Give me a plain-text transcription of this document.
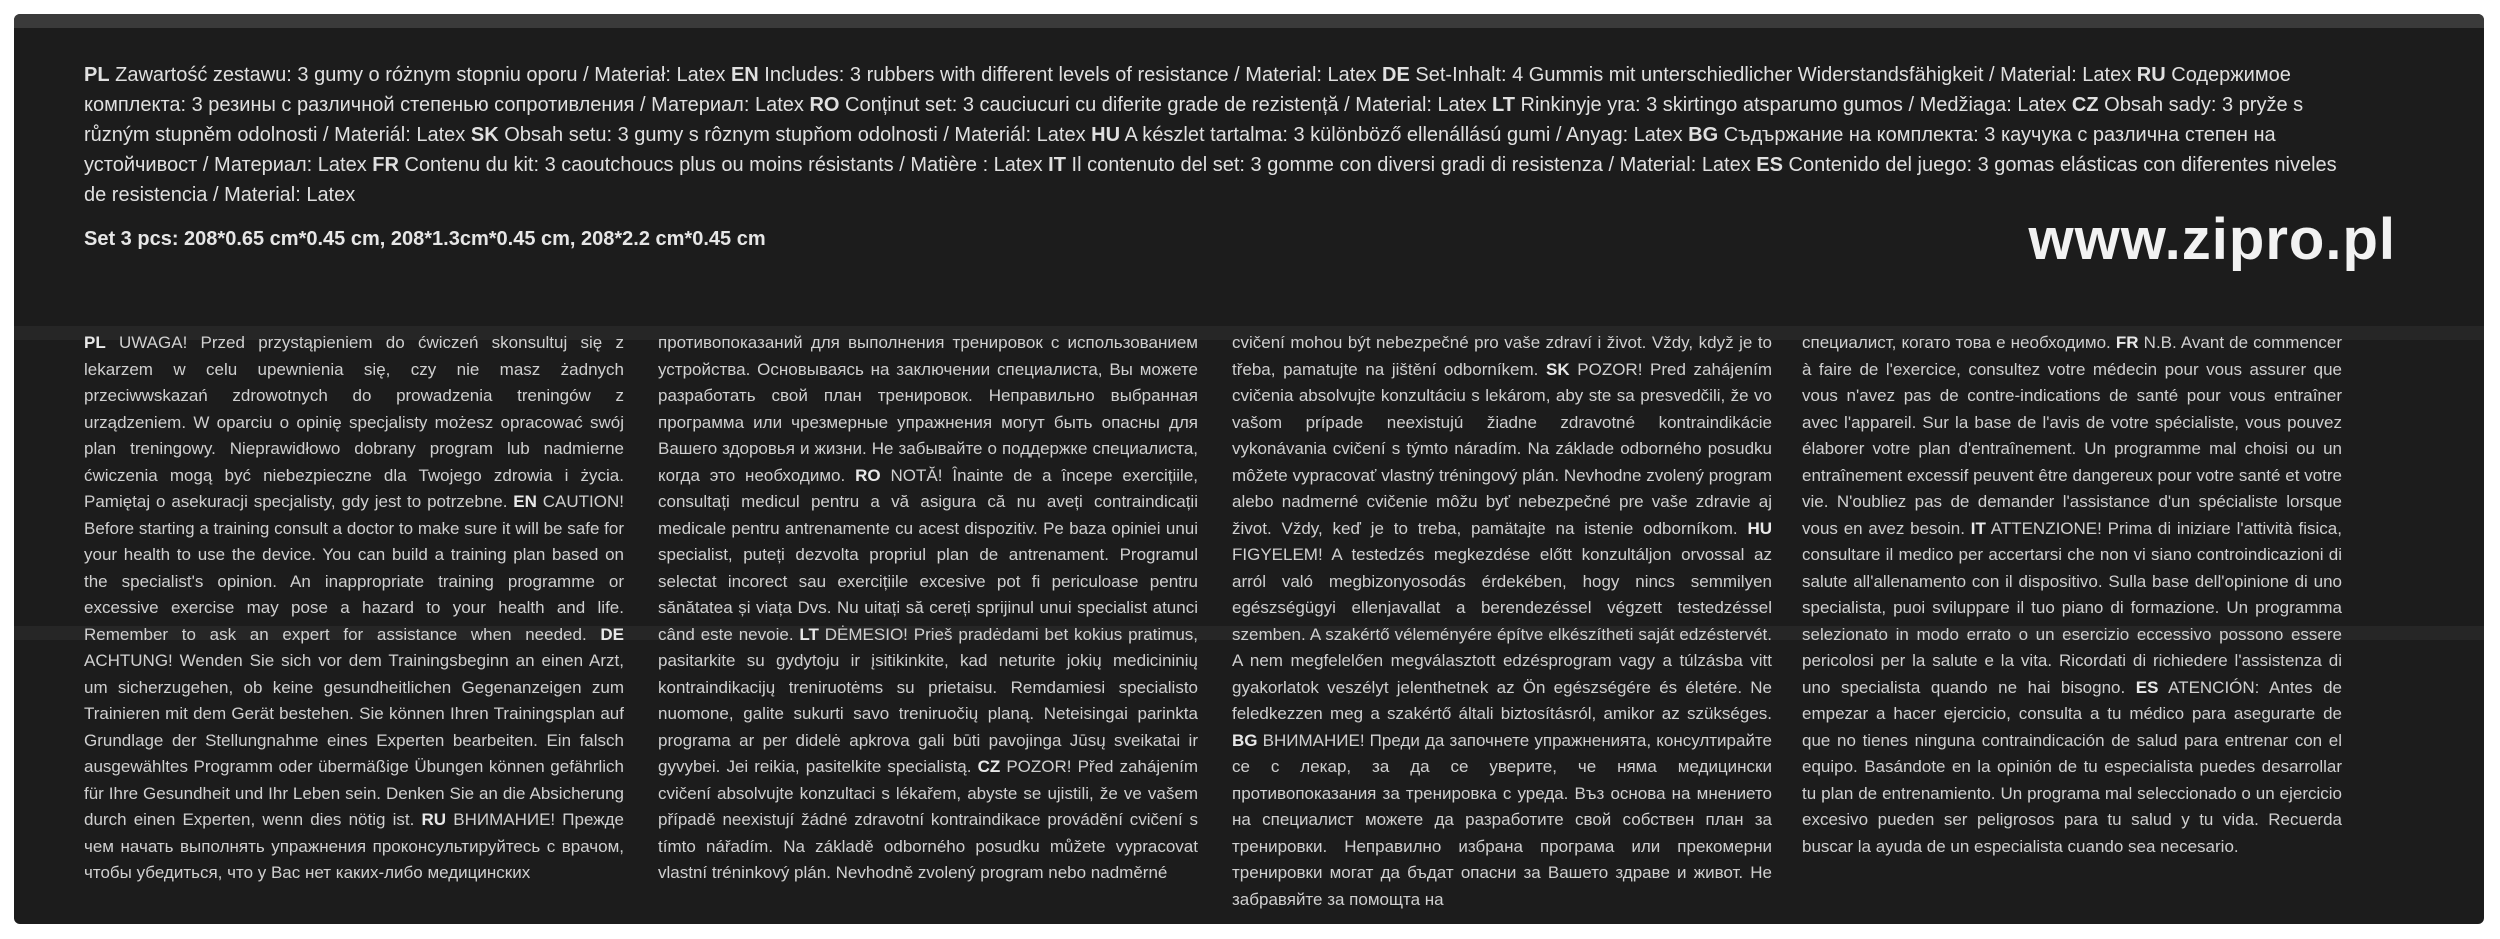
PL Zawartość zestawu: 3 gumy o różnym stopniu oporu / Materiał: Latex EN Includes: 3 rubbers with different levels of resistance / Material: Latex DE Set-Inhalt: 4 Gummis mit unterschiedlicher Widerstandsfähigkeit / Material: Latex RU Содержимое комплекта: 3 резины с различной степенью сопротивления / Материал: Latex RO Conținut set: 3 cauciucuri cu diferite grade de rezistență / Material: Latex LT Rinkinyje yra: 3 skirtingo atsparumo gumos / Medžiaga: Latex CZ Obsah sady: 3 pryže s různým stupněm odolnosti / Materiál: Latex SK Obsah setu: 3 gumy s rôznym stupňom odolnosti / Materiál: Latex HU A készlet tartalma: 3 különböző ellenállású gumi / Anyag: Latex BG Съдържание на комплекта: 3 каучука с различна степен на устойчивост / Материал: Latex FR Contenu du kit: 3 caoutchoucs plus ou moins résistants / Matière : Latex IT Il contenuto del set: 3 gomme con diversi gradi di resistenza / Material: Latex ES Contenido del juego: 3 gomas elásticas con diferentes niveles de resistencia / Material: Latex
Set 3 pcs: 208*0.65 cm*0.45 cm, 208*1.3cm*0.45 cm, 208*2.2 cm*0.45 cm	www.zipro.pl
PL UWAGA! Przed przystąpieniem do ćwiczeń skonsultuj się z lekarzem w celu upewnienia się, czy nie masz żadnych przeciwwskazań zdrowotnych do prowadzenia treningów z urządzeniem. W oparciu o opinię specjalisty możesz opracować swój plan treningowy. Nieprawidłowo dobrany program lub nadmierne ćwiczenia mogą być niebezpieczne dla Twojego zdrowia i życia. Pamiętaj o asekuracji specjalisty, gdy jest to potrzebne. EN CAUTION! Before starting a training consult a doctor to make sure it will be safe for your health to use the device. You can build a training plan based on the specialist's opinion. An inappropriate training programme or excessive exercise may pose a hazard to your health and life. Remember to ask an expert for assistance when needed. DE ACHTUNG! Wenden Sie sich vor dem Trainingsbeginn an einen Arzt, um sicherzugehen, ob keine gesundheitlichen Gegenanzeigen zum Trainieren mit dem Gerät bestehen. Sie können Ihren Trainingsplan auf Grundlage der Stellungnahme eines Experten bearbeiten. Ein falsch ausgewähltes Programm oder übermäßige Übungen können gefährlich für Ihre Gesundheit und Ihr Leben sein. Denken Sie an die Absicherung durch einen Experten, wenn dies nötig ist. RU ВНИМАНИЕ! Прежде чем начать выполнять упражнения проконсультируйтесь с врачом, чтобы убедиться, что у Вас нет каких-либо медицинских
противопоказаний для выполнения тренировок с использованием устройства. Основываясь на заключении специалиста, Вы можете разработать свой план тренировок. Неправильно выбранная программа или чрезмерные упражнения могут быть опасны для Вашего здоровья и жизни. Не забывайте о поддержке специалиста, когда это необходимо. RO NOTĂ! Înainte de a începe exercițiile, consultați medicul pentru a vă asigura că nu aveți contraindicații medicale pentru antrenamente cu acest dispozitiv. Pe baza opiniei unui specialist, puteți dezvolta propriul plan de antrenament. Programul selectat incorect sau exercițiile excesive pot fi periculoase pentru sănătatea și viața Dvs. Nu uitați să cereți sprijinul unui specialist atunci când este nevoie. LT DĖMESIO! Prieš pradėdami bet kokius pratimus, pasitarkite su gydytoju ir įsitikinkite, kad neturite jokių medicininių kontraindikacijų treniruotėms su prietaisu. Remdamiesi specialisto nuomone, galite sukurti savo treniruočių planą. Neteisingai parinkta programa ar per didelė apkrova gali būti pavojinga Jūsų sveikatai ir gyvybei. Jei reikia, pasitelkite specialistą. CZ POZOR! Před zahájením cvičení absolvujte konzultaci s lékařem, abyste se ujistili, že ve vašem případě neexistují žádné zdravotní kontraindikace provádění cvičení s tímto nářadím. Na základě odborného posudku můžete vypracovat vlastní tréninkový plán. Nevhodně zvolený program nebo nadměrné
cvičení mohou být nebezpečné pro vaše zdraví i život. Vždy, když je to třeba, pamatujte na jištění odborníkem. SK POZOR! Pred zahájením cvičenia absolvujte konzultáciu s lekárom, aby ste sa presvedčili, že vo vašom prípade neexistujú žiadne zdravotné kontraindikácie vykonávania cvičení s týmto náradím. Na základe odborného posudku môžete vypracovať vlastný tréningový plán. Nevhodne zvolený program alebo nadmerné cvičenie môžu byť nebezpečné pre vaše zdravie aj život. Vždy, keď je to treba, pamätajte na istenie odborníkom. HU FIGYELEM! A testedzés megkezdése előtt konzultáljon orvossal az arról való megbizonyosodás érdekében, hogy nincs semmilyen egészségügyi ellenjavallat a berendezéssel végzett testedzéssel szemben. A szakértő véleményére építve elkészítheti saját edzéstervét. A nem megfelelően megválasztott edzésprogram vagy a túlzásba vitt gyakorlatok veszélyt jelenthetnek az Ön egészségére és életére. Ne feledkezzen meg a szakértő általi biztosításról, amikor az szükséges. BG ВНИМАНИЕ! Преди да започнете упражненията, консултирайте се с лекар, за да се уверите, че няма медицински противопоказания за тренировка с уреда. Въз основа на мнението на специалист можете да разработите свой собствен план за тренировки. Неправилно избрана програма или прекомерни тренировки могат да бъдат опасни за Вашето здраве и живот. Не забравяйте за помощта на
специалист, когато това е необходимо. FR N.B. Avant de commencer à faire de l'exercice, consultez votre médecin pour vous assurer que vous n'avez pas de contre-indications de santé pour vous entraîner avec l'appareil. Sur la base de l'avis de votre spécialiste, vous pouvez élaborer votre plan d'entraînement. Un programme mal choisi ou un entraînement excessif peuvent être dangereux pour votre santé et votre vie. N'oubliez pas de demander l'assistance d'un spécialiste lorsque vous en avez besoin. IT ATTENZIONE! Prima di iniziare l'attività fisica, consultare il medico per accertarsi che non vi siano controindicazioni di salute all'allenamento con il dispositivo. Sulla base dell'opinione di uno specialista, puoi sviluppare il tuo piano di formazione. Un programma selezionato in modo errato o un esercizio eccessivo possono essere pericolosi per la salute e la vita. Ricordati di richiedere l'assistenza di uno specialista quando ne hai bisogno. ES ATENCIÓN: Antes de empezar a hacer ejercicio, consulta a tu médico para asegurarte de que no tienes ninguna contraindicación de salud para entrenar con el equipo. Basándote en la opinión de tu especialista puedes desarrollar tu plan de entrenamiento. Un programa mal seleccionado o un ejercicio excesivo pueden ser peligrosos para tu salud y tu vida. Recuerda buscar la ayuda de un especialista cuando sea necesario.
